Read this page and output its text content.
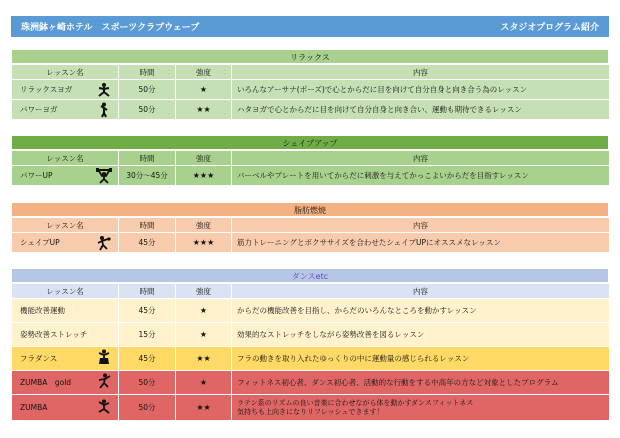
珠洲鉢ヶ崎ホテル　スポーツクラブウェーブ	スタジオプログラム紹介
リラックス
レッスン名	時間	強度	内容
リラックスヨガ	50分	★	いろんなアーサナ(ポーズ)で心とからだに目を向けて自分自身と向き合う為のレッスン
パワーヨガ	50分	★★	ハタヨガで心とからだに目を向けて自分自身と向き合い、運動も期待できるレッスン
シェイプアップ
レッスン名	時間	強度	内容
パワーUP	30分～45分	★★★	バーベルやプレートを用いてからだに刺激を与えてかっこよいからだを目指すレッスン
脂肪燃焼
レッスン名	時間	強度	内容
シェイプUP	45分	★★★	筋力トレーニングとボクササイズを合わせたシェイプUPにオススメなレッスン
ダンスetc
レッスン名	時間	強度	内容
機能改善運動	45分	★	からだの機能改善を目指し、からだのいろんなところを動かすレッスン
姿勢改善ストレッチ	15分	★	効果的なストレッチをしながら姿勢改善を図るレッスン
フラダンス	45分	★★	フラの動きを取り入れたゆっくりの中に運動量の感じられるレッスン
ZUMBA　gold	50分	★	フィットネス初心者、ダンス初心者、活動的な行動をする中高年の方など対象としたプログラム
ZUMBA	50分	★★	ラテン系のリズムの良い音楽に合わせながら体を動かすダンスフィットネス
気持ちも上向きになりリフレッシュできます！
